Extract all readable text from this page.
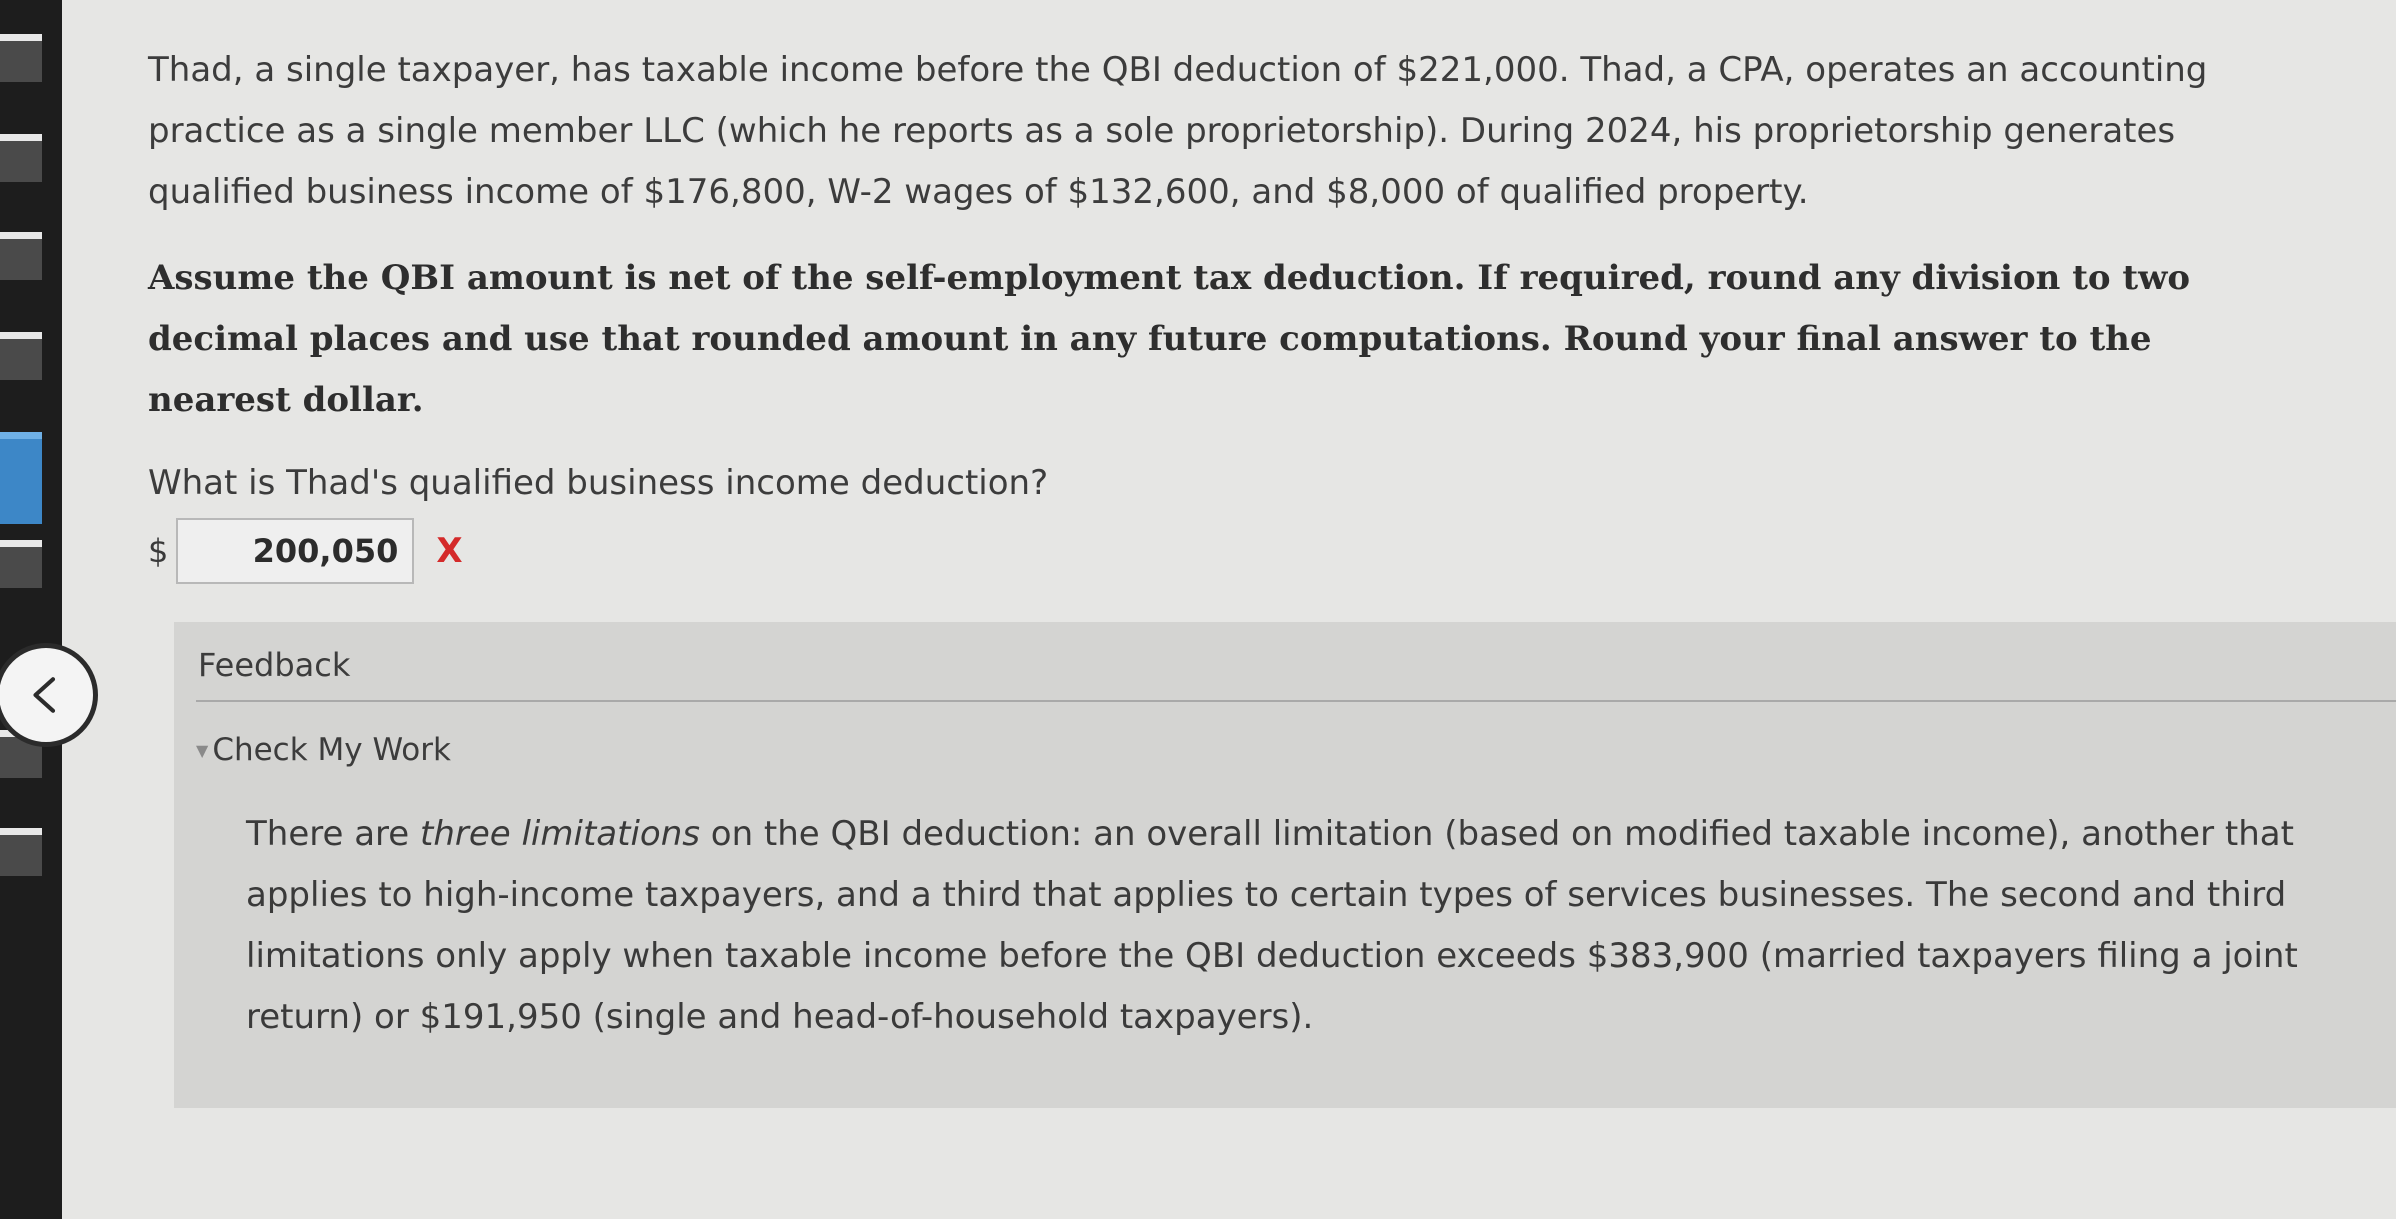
Thad, a single taxpayer, has taxable income before the QBI deduction of $221,000. Thad, a CPA, operates an accounting practice as a single member LLC (which he reports as a sole proprietorship). During 2024, his proprietorship generates qualified business income of $176,800, W-2 wages of $132,600, and $8,000 of qualified property.

Assume the QBI amount is net of the self-employment tax deduction. If required, round any division to two decimal places and use that rounded amount in any future computations. Round your final answer to the nearest dollar.

What is Thad's qualified business income deduction?

$
200,050	X
Feedback
▼ Check My Work

There are three limitations on the QBI deduction: an overall limitation (based on modified taxable income), another that applies to high-income taxpayers, and a third that applies to certain types of services businesses. The second and third limitations only apply when taxable income before the QBI deduction exceeds $383,900 (married taxpayers filing a joint return) or $191,950 (single and head-of-household taxpayers).
